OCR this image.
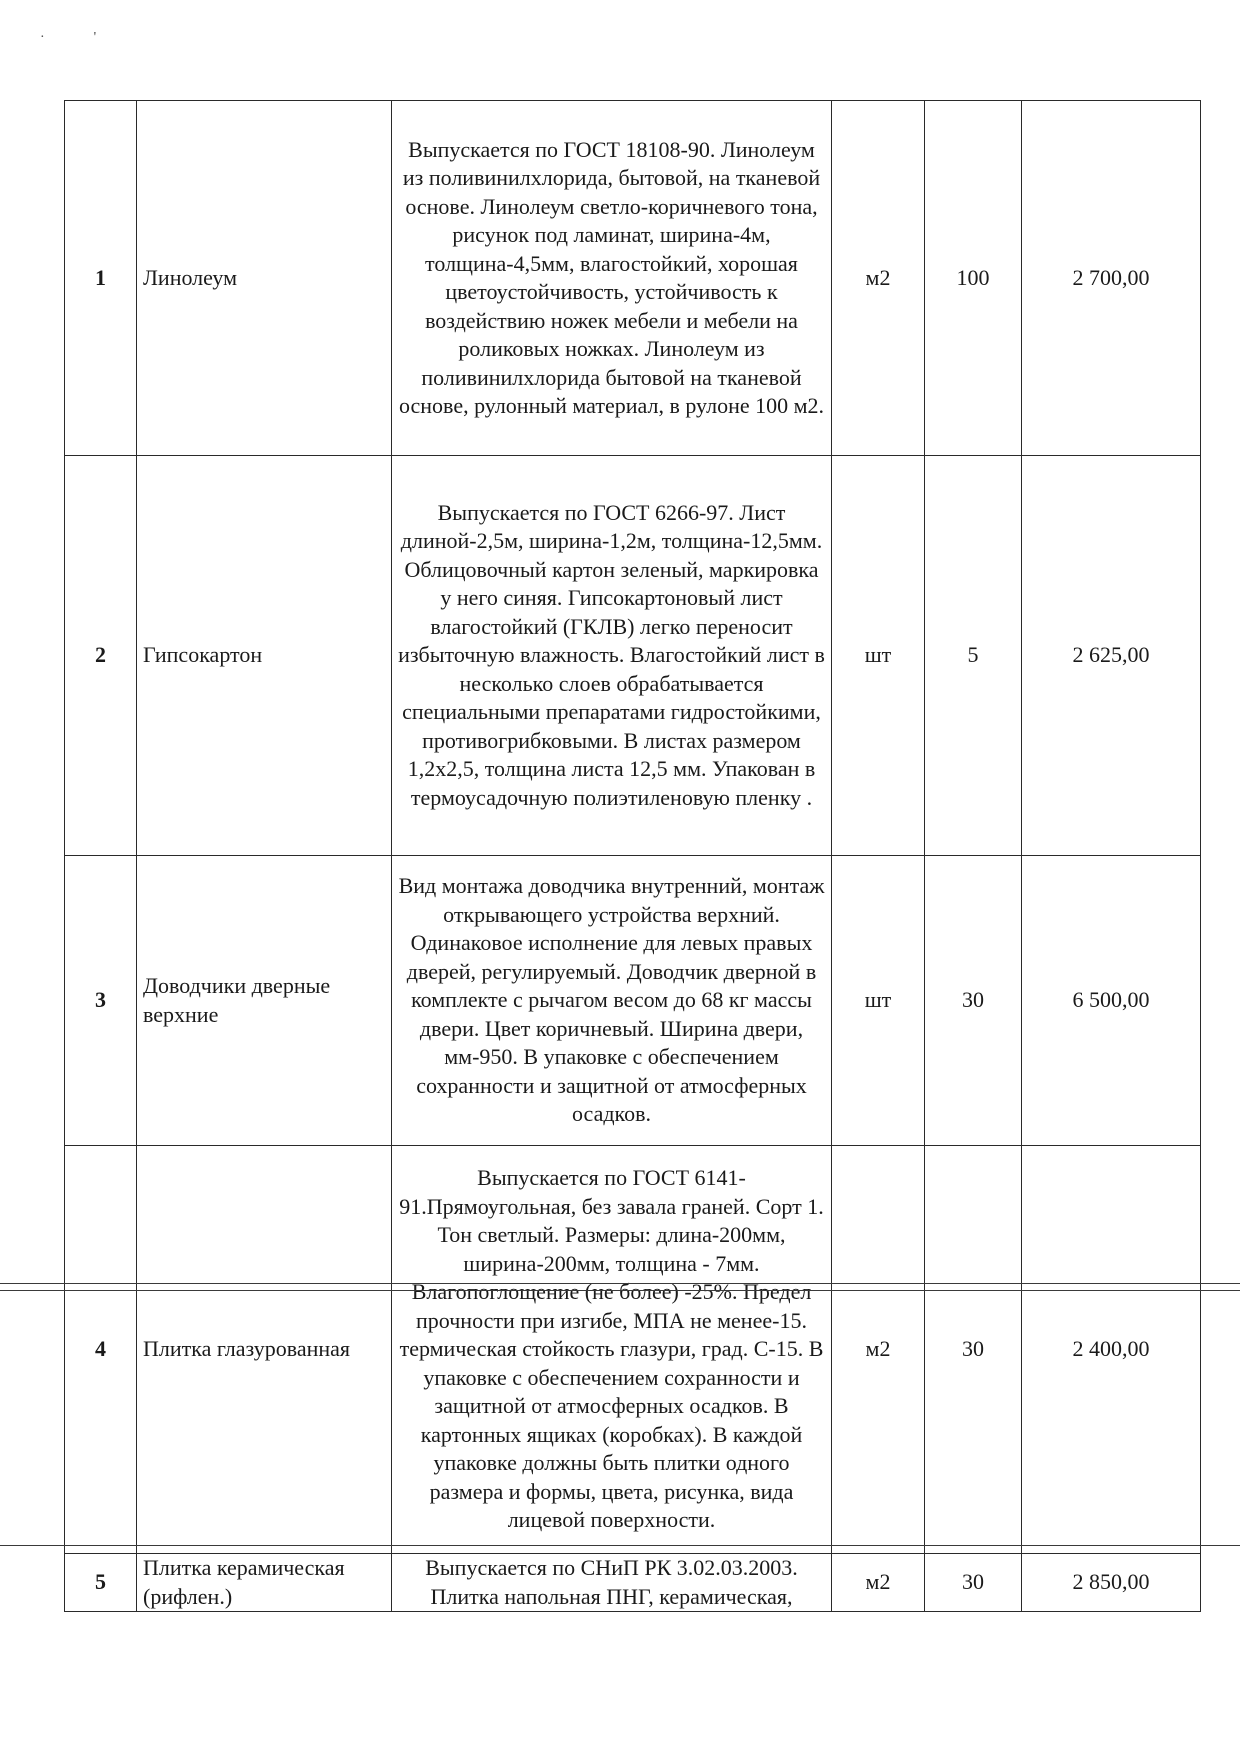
·              '
1	Линолеум	Выпускается по ГОСТ 18108-90. Линолеум из поливинилхлорида, бытовой, на тканевой основе. Линолеум светло-коричневого тона, рисунок под ламинат, ширина-4м, толщина-4,5мм, влагостойкий, хорошая цветоустойчивость, устойчивость к воздействию ножек мебели и мебели на роликовых ножках. Линолеум из поливинилхлорида бытовой на тканевой основе, рулонный материал, в рулоне 100 м2.	м2	100	2 700,00
2	Гипсокартон	Выпускается по ГОСТ 6266-97. Лист длиной-2,5м, ширина-1,2м, толщина-12,5мм. Облицовочный картон зеленый, маркировка у него синяя. Гипсокартоновый лист влагостойкий (ГКЛВ) легко переносит избыточную влажность. Влагостойкий лист в несколько слоев обрабатывается специальными препаратами гидростойкими, противогрибковыми. В листах размером 1,2х2,5, толщина листа 12,5 мм. Упакован в термоусадочную полиэтиленовую пленку .	шт	5	2 625,00
3	Доводчики дверные верхние	Вид монтажа доводчика внутренний, монтаж открывающего устройства верхний. Одинаковое исполнение для левых правых дверей, регулируемый. Доводчик дверной в комплекте с рычагом весом до 68 кг массы двери. Цвет коричневый. Ширина двери, мм-950. В упаковке с обеспечением сохранности и защитной от атмосферных осадков.	шт	30	6 500,00
4	Плитка глазурованная	Выпускается по ГОСТ 6141-91.Прямоугольная, без завала граней. Сорт 1. Тон светлый. Размеры: длина-200мм, ширина-200мм, толщина - 7мм. Влагопоглощение (не более) -25%. Предел прочности при изгибе, МПА не менее-15. термическая стойкость глазури, град. С-15. В упаковке с обеспечением сохранности и защитной от атмосферных осадков. В картонных ящиках (коробках). В каждой упаковке должны быть плитки одного размера и формы, цвета, рисунка, вида лицевой поверхности.	м2	30	2 400,00
5	Плитка керамическая (рифлен.)	Выпускается по СНиП РК 3.02.03.2003. Плитка напольная ПНГ, керамическая,	м2	30	2 850,00
